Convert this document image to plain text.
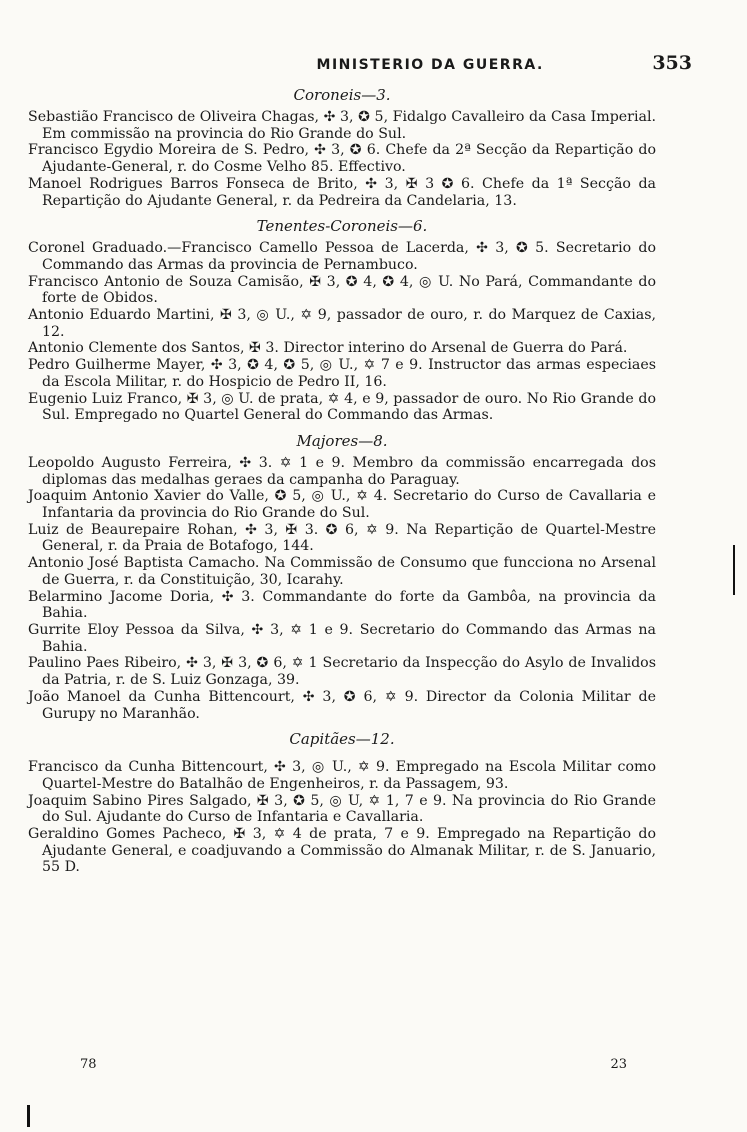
MINISTERIO DA GUERRA.	353
Coroneis—3.

Sebastião Francisco de Oliveira Chagas, ✣ 3, ✪ 5, Fidalgo Cavalleiro da Casa Imperial. Em commissão na provincia do Rio Grande do Sul.

Francisco Egydio Moreira de S. Pedro, ✣ 3, ✪ 6. Chefe da 2ª Secção da Repartição do Ajudante-General, r. do Cosme Velho 85. Effectivo.

Manoel Rodrigues Barros Fonseca de Brito, ✣ 3, ✠ 3 ✪ 6. Chefe da 1ª Secção da Repartição do Ajudante General, r. da Pedreira da Candelaria, 13.

Tenentes-Coroneis—6.

Coronel Graduado.—Francisco Camello Pessoa de Lacerda, ✣ 3, ✪ 5. Secretario do Commando das Armas da provincia de Pernambuco.

Francisco Antonio de Souza Camisão, ✠ 3, ✪ 4, ✪ 4, ◎ U. No Pará, Commandante do forte de Obidos.

Antonio Eduardo Martini, ✠ 3, ◎ U., ✡ 9, passador de ouro, r. do Marquez de Caxias, 12.

Antonio Clemente dos Santos, ✠ 3. Director interino do Arsenal de Guerra do Pará.

Pedro Guilherme Mayer, ✣ 3, ✪ 4, ✪ 5, ◎ U., ✡ 7 e 9. Instructor das armas especiaes da Escola Militar, r. do Hospicio de Pedro II, 16.

Eugenio Luiz Franco, ✠ 3, ◎ U. de prata, ✡ 4, e 9, passador de ouro. No Rio Grande do Sul. Empregado no Quartel General do Commando das Armas.

Majores—8.

Leopoldo Augusto Ferreira, ✣ 3. ✡ 1 e 9. Membro da commissão encarregada dos diplomas das medalhas geraes da campanha do Paraguay.

Joaquim Antonio Xavier do Valle, ✪ 5, ◎ U., ✡ 4. Secretario do Curso de Cavallaria e Infantaria da provincia do Rio Grande do Sul.

Luiz de Beaurepaire Rohan, ✣ 3, ✠ 3. ✪ 6, ✡ 9. Na Repartição de Quartel-Mestre General, r. da Praia de Botafogo, 144.

Antonio José Baptista Camacho. Na Commissão de Consumo que funcciona no Arsenal de Guerra, r. da Constituição, 30, Icarahy.

Belarmino Jacome Doria, ✣ 3. Commandante do forte da Gambôa, na provincia da Bahia.

Gurrite Eloy Pessoa da Silva, ✣ 3, ✡ 1 e 9. Secretario do Commando das Armas na Bahia.

Paulino Paes Ribeiro, ✣ 3, ✠ 3, ✪ 6, ✡ 1 Secretario da Inspecção do Asylo de Invalidos da Patria, r. de S. Luiz Gonzaga, 39.

João Manoel da Cunha Bittencourt, ✣ 3, ✪ 6, ✡ 9. Director da Colonia Militar de Gurupy no Maranhão.

Capitães—12.

Francisco da Cunha Bittencourt, ✣ 3, ◎ U., ✡ 9. Empregado na Escola Militar como Quartel-Mestre do Batalhão de Engenheiros, r. da Passagem, 93.

Joaquim Sabino Pires Salgado, ✠ 3, ✪ 5, ◎ U, ✡ 1, 7 e 9. Na provincia do Rio Grande do Sul. Ajudante do Curso de Infantaria e Cavallaria.

Geraldino Gomes Pacheco, ✠ 3, ✡ 4 de prata, 7 e 9. Empregado na Repartição do Ajudante General, e coadjuvando a Commissão do Almanak Militar, r. de S. Januario, 55 D.

78	23
